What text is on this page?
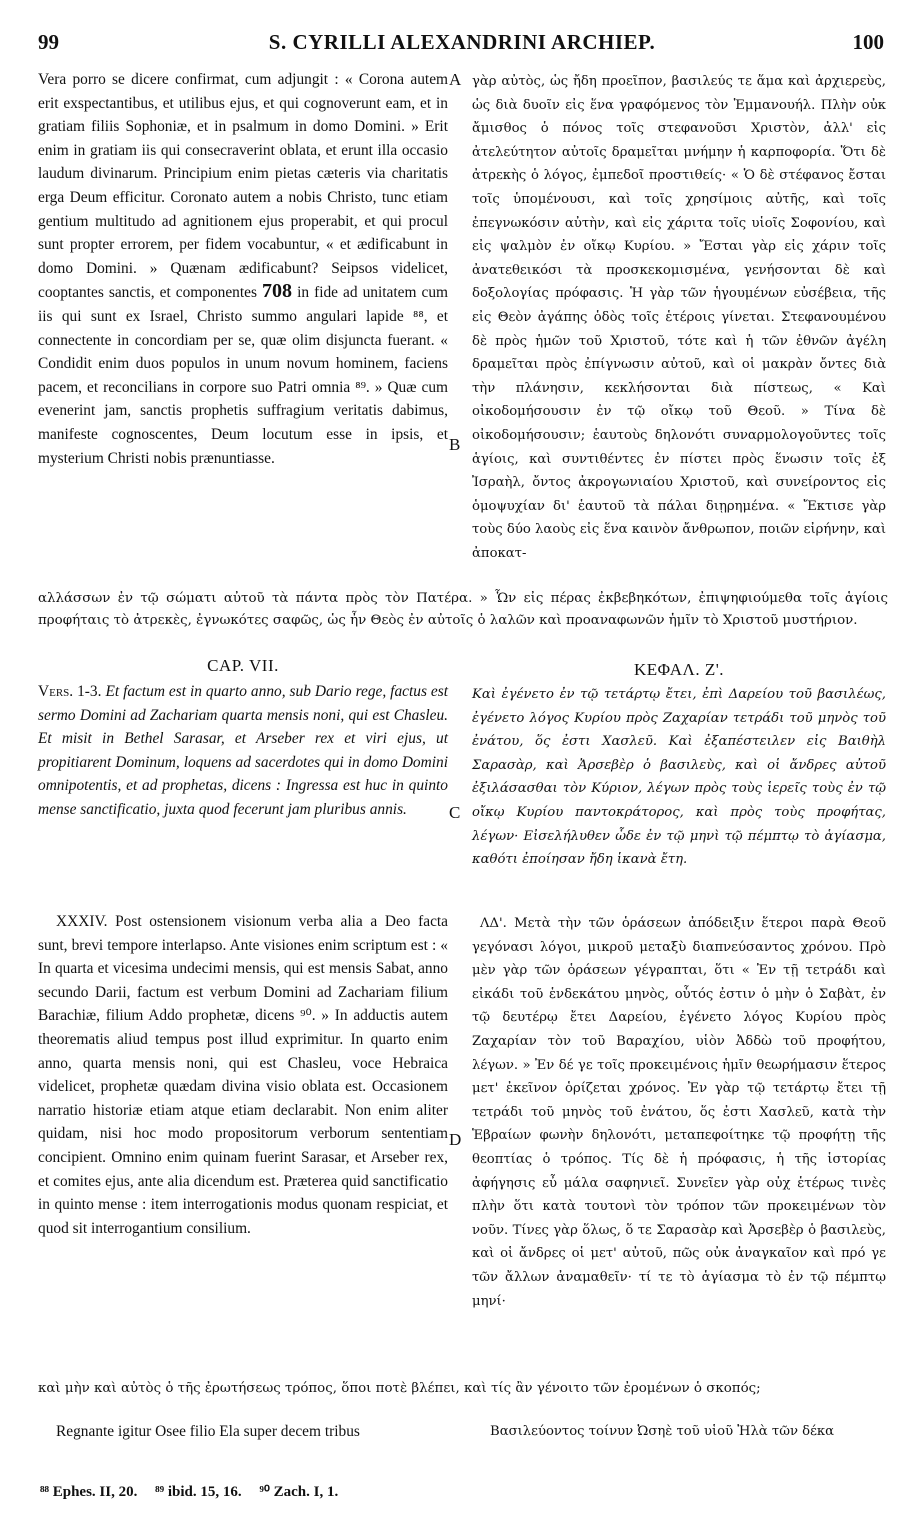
99	S. CYRILLI ALEXANDRINI ARCHIEP.	100
A
B
C
D

Vera porro se dicere confirmat, cum adjungit : « Corona autem erit exspectantibus, et utilibus ejus, et qui cognoverunt eam, et in gratiam filiis Sophoniæ, et in psalmum in domo Domini. » Erit enim in gratiam iis qui consecraverint oblata, et erunt illa occasio laudum divinarum. Principium enim pietas cæteris via charitatis erga Deum efficitur. Coronato autem a nobis Christo, tunc etiam gentium multitudo ad agnitionem ejus properabit, et qui procul sunt propter errorem, per fidem vocabuntur, « et ædificabunt in domo Domini. » Quænam ædificabunt? Seipsos videlicet, cooptantes sanctis, et componentes 708 in fide ad unitatem cum iis qui sunt ex Israel, Christo summo angulari lapide ⁸⁸, et connectente in concordiam per se, quæ olim disjuncta fuerant. « Condidit enim duos populos in unum novum hominem, faciens pacem, et reconcilians in corpore suo Patri omnia ⁸⁹. » Quæ cum evenerint jam, sanctis prophetis suffragium veritatis dabimus, manifeste cognoscentes, Deum locutum esse in ipsis, et mysterium Christi nobis prænuntiasse.

γὰρ αὐτὸς, ὡς ἤδη προεῖπον, βασιλεύς τε ἅμα καὶ ἀρχιερεὺς, ὡς διὰ δυοῖν εἰς ἕνα γραφόμενος τὸν Ἐμμανουήλ. Πλὴν οὐκ ἄμισθος ὁ πόνος τοῖς στεφανοῦσι Χριστὸν, ἀλλ' εἰς ἀτελεύτητον αὐτοῖς δραμεῖται μνήμην ἡ καρποφορία. Ὅτι δὲ ἀτρεκὴς ὁ λόγος, ἐμπεδοῖ προστιθείς· « Ὁ δὲ στέφανος ἔσται τοῖς ὑπομένουσι, καὶ τοῖς χρησίμοις αὐτῆς, καὶ τοῖς ἐπεγνωκόσιν αὐτὴν, καὶ εἰς χάριτα τοῖς υἱοῖς Σοφονίου, καὶ εἰς ψαλμὸν ἐν οἴκῳ Κυρίου. » Ἔσται γὰρ εἰς χάριν τοῖς ἀνατεθεικόσι τὰ προσκεκομισμένα, γενήσονται δὲ καὶ δοξολογίας πρόφασις. Ἡ γὰρ τῶν ἡγουμένων εὐσέβεια, τῆς εἰς Θεὸν ἀγάπης ὁδὸς τοῖς ἑτέροις γίνεται. Στεφανουμένου δὲ πρὸς ἡμῶν τοῦ Χριστοῦ, τότε καὶ ἡ τῶν ἐθνῶν ἀγέλη δραμεῖται πρὸς ἐπίγνωσιν αὐτοῦ, καὶ οἱ μακρὰν ὄντες διὰ τὴν πλάνησιν, κεκλήσονται διὰ πίστεως, « Καὶ οἰκοδομήσουσιν ἐν τῷ οἴκῳ τοῦ Θεοῦ. » Τίνα δὲ οἰκοδομήσουσιν; ἑαυτοὺς δηλονότι συναρμολογοῦντες τοῖς ἁγίοις, καὶ συντιθέντες ἐν πίστει πρὸς ἕνωσιν τοῖς ἐξ Ἰσραὴλ, ὄντος ἀκρογωνιαίου Χριστοῦ, καὶ συνείροντος εἰς ὁμοψυχίαν δι' ἑαυτοῦ τὰ πάλαι διῃρημένα. « Ἔκτισε γὰρ τοὺς δύο λαοὺς εἰς ἕνα καινὸν ἄνθρωπον, ποιῶν εἰρήνην, καὶ ἀποκατ-
αλλάσσων ἐν τῷ σώματι αὐτοῦ τὰ πάντα πρὸς τὸν Πατέρα. » Ὧν εἰς πέρας ἐκβεβηκότων, ἐπιψηφιούμεθα τοῖς ἁγίοις προφήταις τὸ ἀτρεκὲς, ἐγνωκότες σαφῶς, ὡς ἦν Θεὸς ἐν αὐτοῖς ὁ λαλῶν καὶ προαναφωνῶν ἡμῖν τὸ Χριστοῦ μυστήριον.
CAP. VII.	ΚΕΦΑΛ. Ζ'.

Vers. 1-3. Et factum est in quarto anno, sub Dario rege, factus est sermo Domini ad Zachariam quarta mensis noni, qui est Chasleu. Et misit in Bethel Sarasar, et Arseber rex et viri ejus, ut propitiarent Dominum, loquens ad sacerdotes qui in domo Domini omnipotentis, et ad prophetas, dicens : Ingressa est huc in quinto mense sanctificatio, juxta quod fecerunt jam pluribus annis.

Καὶ ἐγένετο ἐν τῷ τετάρτῳ ἔτει, ἐπὶ Δαρείου τοῦ βασιλέως, ἐγένετο λόγος Κυρίου πρὸς Ζαχαρίαν τετράδι τοῦ μηνὸς τοῦ ἐνάτου, ὅς ἐστι Χασλεῦ. Καὶ ἐξαπέστειλεν εἰς Βαιθὴλ Σαρασὰρ, καὶ Ἀρσεβὲρ ὁ βασιλεὺς, καὶ οἱ ἄνδρες αὐτοῦ ἐξιλάσασθαι τὸν Κύριον, λέγων πρὸς τοὺς ἱερεῖς τοὺς ἐν τῷ οἴκῳ Κυρίου παντοκράτορος, καὶ πρὸς τοὺς προφήτας, λέγων· Εἰσελήλυθεν ὧδε ἐν τῷ μηνὶ τῷ πέμπτῳ τὸ ἁγίασμα, καθότι ἐποίησαν ἤδη ἱκανὰ ἔτη.

XXXIV. Post ostensionem visionum verba alia a Deo facta sunt, brevi tempore interlapso. Ante visiones enim scriptum est : « In quarta et vicesima undecimi mensis, qui est mensis Sabat, anno secundo Darii, factum est verbum Domini ad Zachariam filium Barachiæ, filium Addo prophetæ, dicens ⁹⁰. » In adductis autem theorematis aliud tempus post illud exprimitur. In quarto enim anno, quarta mensis noni, qui est Chasleu, voce Hebraica videlicet, prophetæ quædam divina visio oblata est. Occasionem narratio historiæ etiam atque etiam declarabit. Non enim aliter quidam, nisi hoc modo propositorum verborum sententiam concipient. Omnino enim quinam fuerint Sarasar, et Arseber rex, et comites ejus, ante alia dicendum est. Præterea quid sanctificatio in quinto mense : item interrogationis modus quonam respiciat, et quod sit interrogantium consilium.

ΛΔ'. Μετὰ τὴν τῶν ὁράσεων ἀπόδειξιν ἕτεροι παρὰ Θεοῦ γεγόνασι λόγοι, μικροῦ μεταξὺ διαπνεύσαντος χρόνου. Πρὸ μὲν γὰρ τῶν ὁράσεων γέγραπται, ὅτι « Ἐν τῇ τετράδι καὶ εἰκάδι τοῦ ἑνδεκάτου μηνὸς, οὗτός ἐστιν ὁ μὴν ὁ Σαβὰτ, ἐν τῷ δευτέρῳ ἔτει Δαρείου, ἐγένετο λόγος Κυρίου πρὸς Ζαχαρίαν τὸν τοῦ Βαραχίου, υἱὸν Ἀδδὼ τοῦ προφήτου, λέγων. » Ἐν δέ γε τοῖς προκειμένοις ἡμῖν θεωρήμασιν ἕτερος μετ' ἐκεῖνον ὁρίζεται χρόνος. Ἐν γὰρ τῷ τετάρτῳ ἔτει τῇ τετράδι τοῦ μηνὸς τοῦ ἐνάτου, ὅς ἐστι Χασλεῦ, κατὰ τὴν Ἑβραίων φωνὴν δηλονότι, μεταπεφοίτηκε τῷ προφήτῃ τῆς θεοπτίας ὁ τρόπος. Τίς δὲ ἡ πρόφασις, ἡ τῆς ἱστορίας ἀφήγησις εὖ μάλα σαφηνιεῖ. Συνεῖεν γὰρ οὐχ ἑτέρως τινὲς πλὴν ὅτι κατὰ τουτονὶ τὸν τρόπον τῶν προκειμένων τὸν νοῦν. Τίνες γὰρ ὅλως, ὅ τε Σαρασὰρ καὶ Ἀρσεβὲρ ὁ βασιλεὺς, καὶ οἱ ἄνδρες οἱ μετ' αὐτοῦ, πῶς οὐκ ἀναγκαῖον καὶ πρό γε τῶν ἄλλων ἀναμαθεῖν· τί τε τὸ ἁγίασμα τὸ ἐν τῷ πέμπτῳ μηνί·

καὶ μὴν καὶ αὐτὸς ὁ τῆς ἐρωτήσεως τρόπος, ὅποι ποτὲ βλέπει, καὶ τίς ἂν γένοιτο τῶν ἐρομένων ὁ σκοπός;
Regnante igitur Osee filio Ela super decem tribus	Βασιλεύοντος τοίνυν Ὠσηὲ τοῦ υἱοῦ Ἠλὰ τῶν δέκα
⁸⁸ Ephes. II, 20. ⁸⁹ ibid. 15, 16. ⁹⁰ Zach. I, 1.
